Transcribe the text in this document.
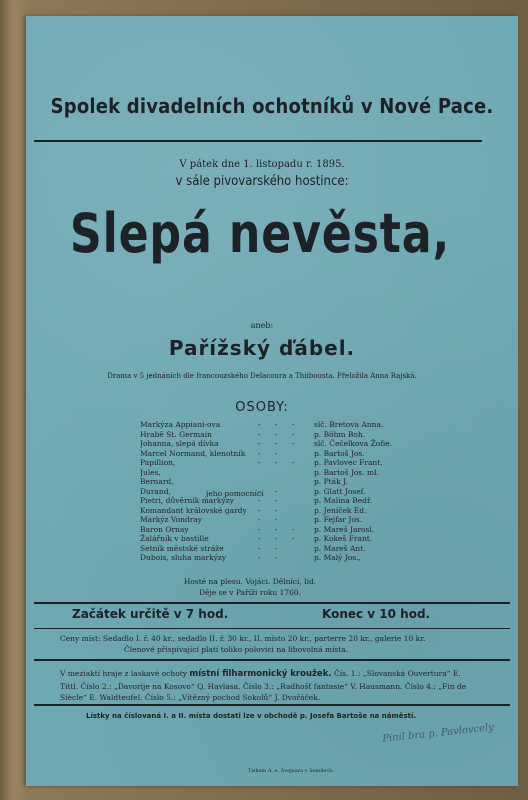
Spolek divadelních ochotníků v Nové Pace.
V pátek dne 1. listopadu r. 1895.
v sále pivovarského hostince:
Slepá nevěsta,
aneb:
Pařížský ďábel.
Drama v 5 jednáních dle francouzského Delacoura a Thiibousta. Přeložila Anna Rajská.
OSOBY:
Markýza Appiani-ova	- - -	slč. Bretova Anna.
Hrabě St. Germain	- - -	p. Böhm Boh.
Johanna, slepá dívka	- - -	slč. Čečelkova Žofie.
Marcel Normand, klenotník	- -	p. Bartoš Jos.
Papillion,	- - -	p. Pavlovec Frant.
Jules,	p. Bartoš Jos. ml.
Bernard,	p. Pták J.
Durand,	- -	p. Glatt Josef.
Pietri, důvěrník markýzy	- -	p. Malina Bedř.
Komandant královské gardy	- -	p. Jeníček Ed.
Markýz Vondray	- -	p. Fejfar Jos.
Baron Ornay	- - -	p. Mareš Jarosl.
Žalářník v bastille	- - -	p. Kokeš Frant.
Setník městské stráže	- -	p. Mareš Ant.
Dubois, sluha markýzy	- -	p. Malý Jos.,
jeho pomocníci
Hosté na plesu. Vojáci. Dělníci, lid.
Děje se v Paříži roku 1760.
Začátek určitě v 7 hod.	Konec v 10 hod.
Ceny míst: Sedadlo I. ř. 40 kr., sedadlo II. ř. 30 kr., II. místo 20 kr., parterre 20 kr., galerie 10 kr.
Členové přispívající platí toliko polovici na libovolná místa.
V meziaktí hraje z laskavé ochoty místní filharmonický kroužek. Čís. 1.: „Slovanská Ouvertura“ E. Tittl. Číslo 2.: „Davorije na Kosovo“ Q. Havlasa. Číslo 3.: „Radhošť fantasie“ V. Hausmann. Číslo 4.: „Fin de Siècle“ E. Waldteufel. Číslo 5.: „Vítězný pochod Sokolů“ J. Dvořáček.
Lístky na číslovaná I. a II. místa dostati lze v obchodě p. Josefa Bartoše na náměstí.
Pinil bra p. Pavlovcely
Tiskem A. e. Švejnara v Semilech.
